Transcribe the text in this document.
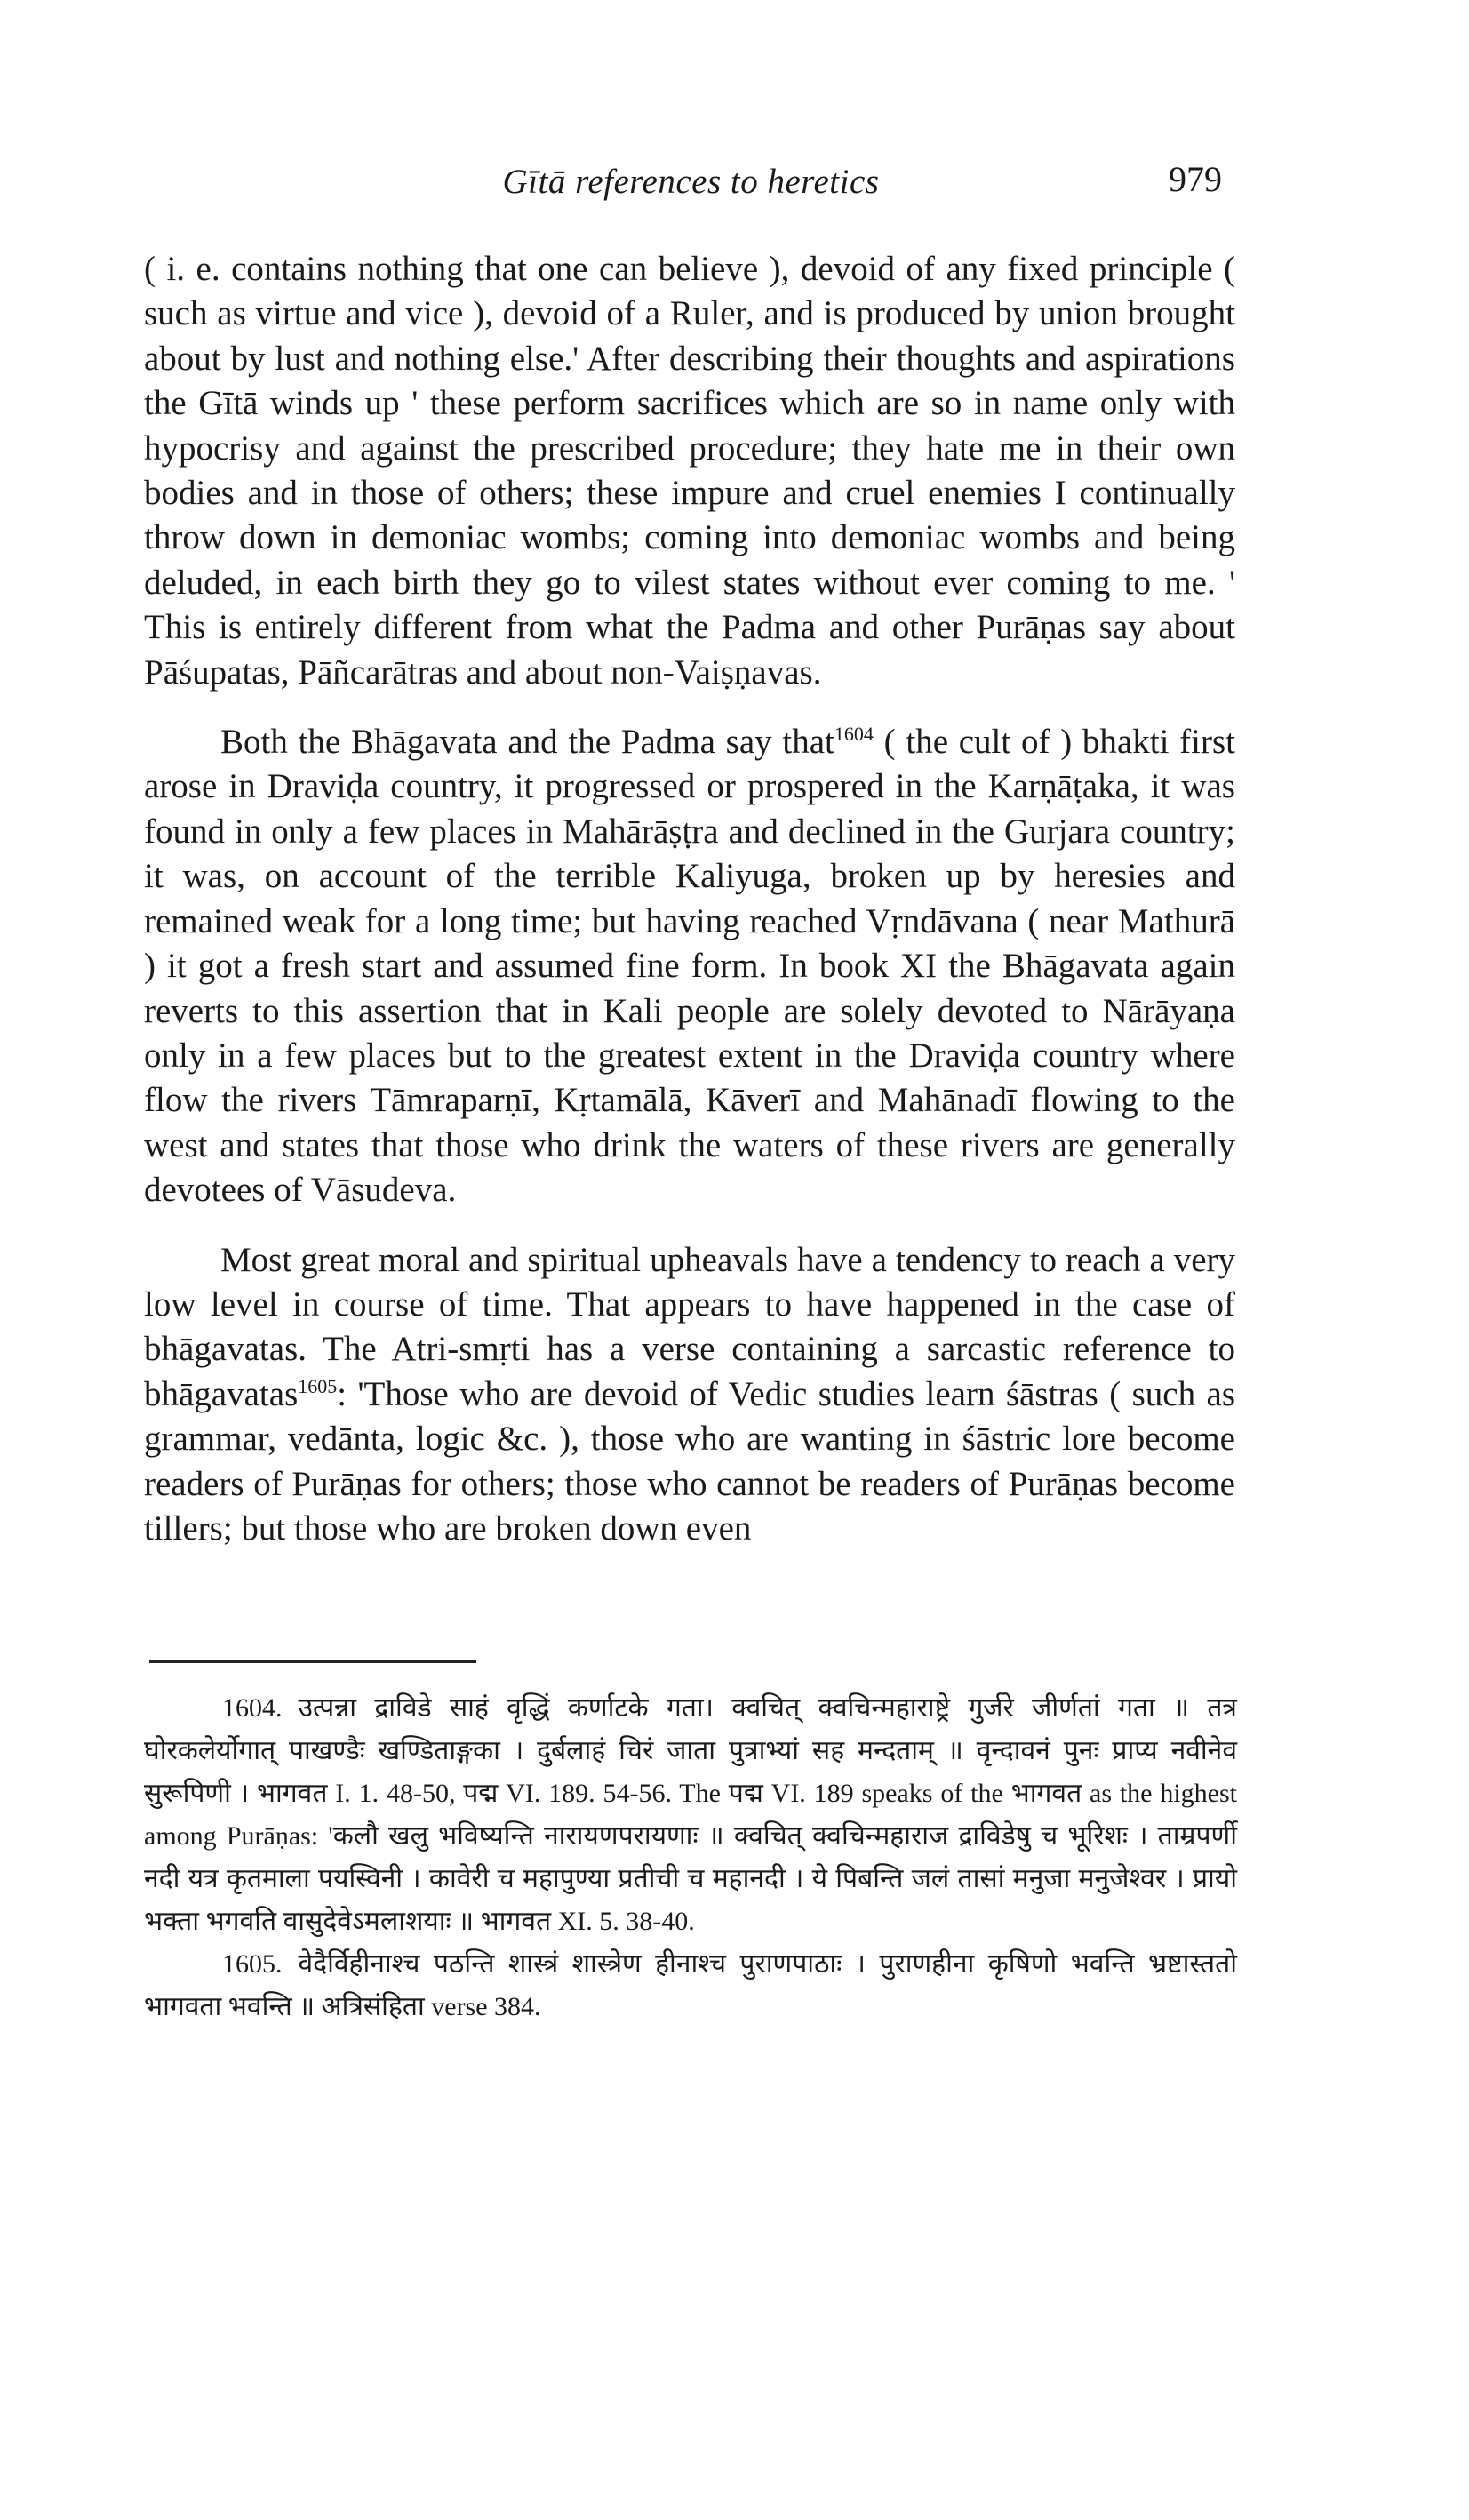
Gītā references to heretics	979

( i. e. contains nothing that one can believe ), devoid of any fixed principle ( such as virtue and vice ), devoid of a Ruler, and is produced by union brought about by lust and nothing else.' After describing their thoughts and aspirations the Gītā winds up ' these perform sacrifices which are so in name only with hypocrisy and against the prescribed procedure; they hate me in their own bodies and in those of others; these impure and cruel enemies I continually throw down in demoniac wombs; coming into demoniac wombs and being deluded, in each birth they go to vilest states without ever coming to me. ' This is entirely different from what the Padma and other Purāṇas say about Pāśupatas, Pāñcarātras and about non-Vaiṣṇavas.

Both the Bhāgavata and the Padma say that$^{1604}$ ( the cult of ) bhakti first arose in Draviḍa country, it progressed or prospered in the Karṇāṭaka, it was found in only a few places in Mahārāṣṭra and declined in the Gurjara country; it was, on account of the terrible Kaliyuga, broken up by heresies and remained weak for a long time; but having reached Vṛndāvana ( near Mathurā ) it got a fresh start and assumed fine form. In book XI the Bhāgavata again reverts to this assertion that in Kali people are solely devoted to Nārāyaṇa only in a few places but to the greatest extent in the Draviḍa country where flow the rivers Tāmraparṇī, Kṛtamālā, Kāverī and Mahānadī flowing to the west and states that those who drink the waters of these rivers are generally devotees of Vāsudeva.

Most great moral and spiritual upheavals have a tendency to reach a very low level in course of time. That appears to have happened in the case of bhāgavatas. The Atri-smṛti has a verse containing a sarcastic reference to bhāgavatas$^{1605}$: 'Those who are devoid of Vedic studies learn śāstras ( such as grammar, vedānta, logic &c. ), those who are wanting in śāstric lore become readers of Purāṇas for others; those who cannot be readers of Purāṇas become tillers; but those who are broken down even

1604. उत्पन्ना द्राविडे साहं वृद्धिं कर्णाटके गता। क्वचित् क्वचिन्महाराष्ट्रे गुर्जरे जीर्णतां गता ॥ तत्र घोरकलेर्योगात् पाखण्डैः खण्डिताङ्गका । दुर्बलाहं चिरं जाता पुत्राभ्यां सह मन्दताम् ॥ वृन्दावनं पुनः प्राप्य नवीनेव सुरूपिणी । भागवत I. 1. 48-50, पद्म VI. 189. 54-56. The पद्म VI. 189 speaks of the भागवत as the highest among Purāṇas: 'कलौ खलु भविष्यन्ति नारायणपरायणाः ॥ क्वचित् क्वचिन्महाराज द्राविडेषु च भूरिशः । ताम्रपर्णी नदी यत्र कृतमाला पयस्विनी । कावेरी च महापुण्या प्रतीची च महानदी । ये पिबन्ति जलं तासां मनुजा मनुजेश्वर । प्रायो भक्ता भगवति वासुदेवेऽमलाशयाः ॥ भागवत XI. 5. 38-40.

1605. वेदैर्विहीनाश्च पठन्ति शास्त्रं शास्त्रेण हीनाश्च पुराणपाठाः । पुराणहीना कृषिणो भवन्ति भ्रष्टास्ततो भागवता भवन्ति ॥ अत्रिसंहिता verse 384.
